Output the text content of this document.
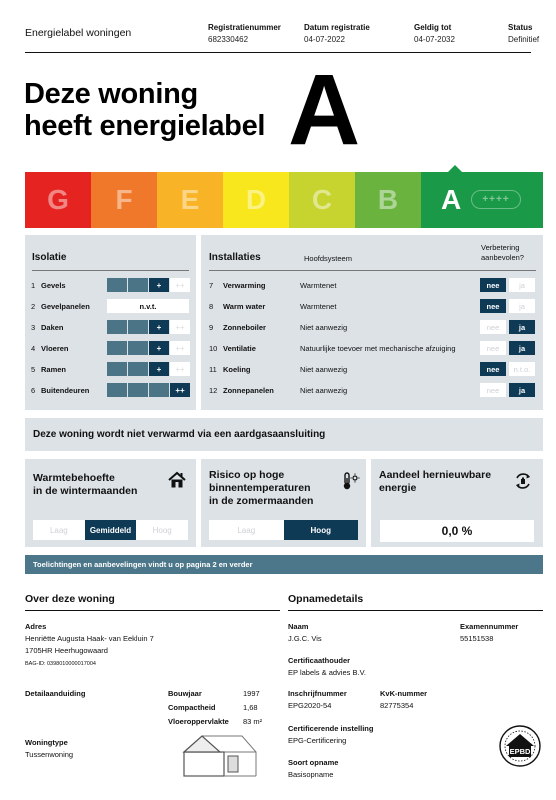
Energielabel woningen	Registratienummer
682330462
Datum registratie
04-07-2022
Geldig tot
04-07-2032
Status
Definitief
Deze woning
heeft energielabel A
G	F	E	D	C	B	A	++++
Isolatie
1 Gevels	+	++
2 Gevelpanelen	n.v.t.
3 Daken	+	++
4 Vloeren	+	++
5 Ramen	+	++
6 Buitendeuren	++
Installaties	Hoofdsysteem
Verbetering aanbevolen?
7 Verwarming	Warmtenet	nee	ja
8 Warm water	Warmtenet	nee	ja
9 Zonneboiler	Niet aanwezig	nee	ja
10 Ventilatie	Natuurlijke toevoer met mechanische afzuiging	nee	ja
11 Koeling	Niet aanwezig	nee	n.t.o.
12 Zonnepanelen	Niet aanwezig	nee	ja
Deze woning wordt niet verwarmd via een aardgasaansluiting
Warmtebehoefte
in de wintermaanden
Laag	Gemiddeld	Hoog
Risico op hoge
binnentemperaturen
in de zomermaanden
Laag	Hoog
Aandeel hernieuwbare
energie
0,0 %
Toelichtingen en aanbevelingen vindt u op pagina 2 en verder
Over deze woning
Adres
Henriëtte Augusta Haak- van Eekluin 7
1705HR Heerhugowaard
BAG-ID: 0398010000017004
Detailaanduiding	Bouwjaar	1997
Compactheid	1,68
Vloeroppervlakte 83 m²
Woningtype
Tussenwoning
Opnamedetails
Naam
J.G.C. Vis
Examennummer
55151538
Certificaathouder
EP labels & advies B.V.
Inschrijfnummer
EPG2020-54
KvK-nummer
82775354
Certificerende instelling
EPG-Certificering
Soort opname
Basisopname
EPBD
